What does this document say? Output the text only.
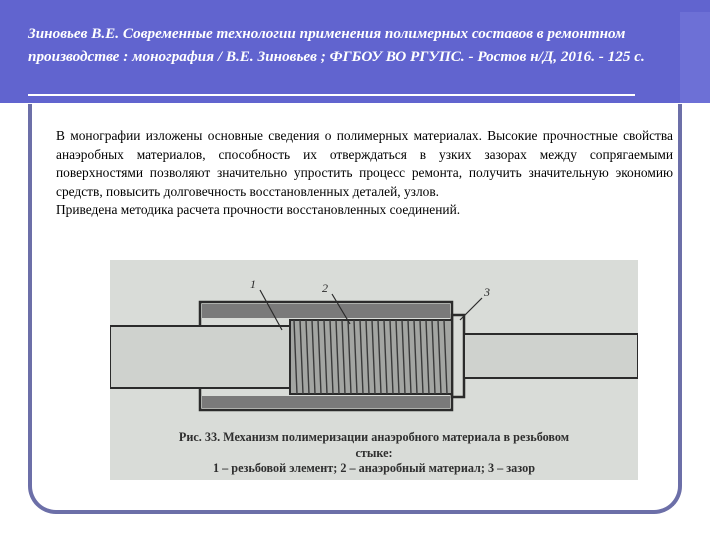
Зиновьев В.Е. Современные технологии применения полимерных составов в ремонтном производстве : монография / В.Е. Зиновьев ; ФГБОУ ВО РГУПС. - Ростов н/Д, 2016. - 125 с.

В монографии изложены основные сведения о полимерных материалах. Высокие прочностные свойства анаэробных материалов, способность их отверждаться в узких зазорах между сопрягаемыми поверхностями позволяют значительно упростить процесс ремонта, получить значительную экономию средств, повысить долговечность восстановленных деталей, узлов.

Приведена методика расчета прочности восстановленных соединений.

1	2	3
Рис. 33. Механизм полимеризации анаэробного материала в резьбовом
стыке:
1 – резьбовой элемент; 2 – анаэробный материал; 3 – зазор
